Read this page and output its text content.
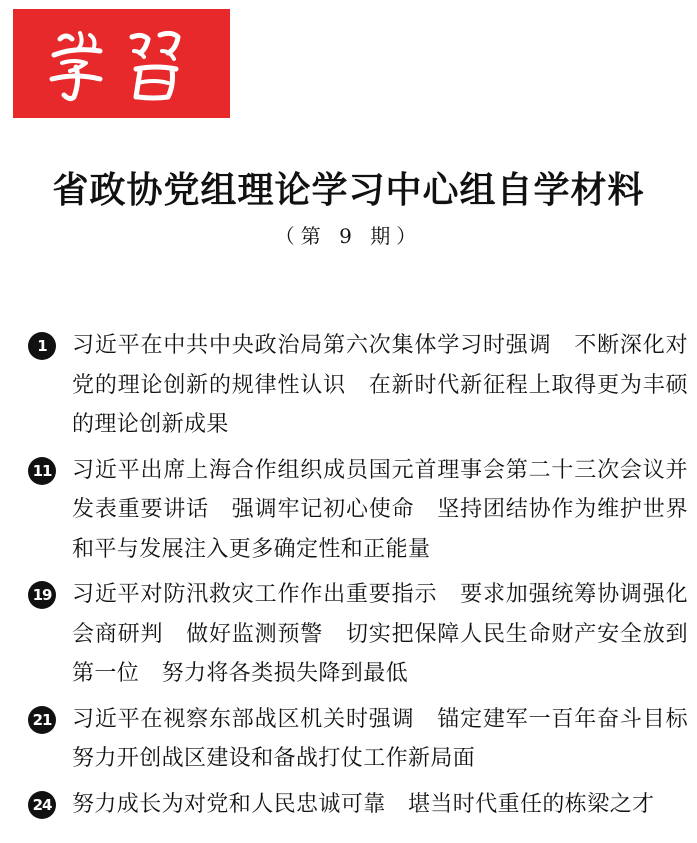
省政协党组理论学习中心组自学材料
（第 9 期）
1	习近平在中共中央政治局第六次集体学习时强调　不断深化对党的理论创新的规律性认识　在新时代新征程上取得更为丰硕的理论创新成果
11 习近平出席上海合作组织成员国元首理事会第二十三次会议并发表重要讲话　强调牢记初心使命　坚持团结协作为维护世界和平与发展注入更多确定性和正能量
19 习近平对防汛救灾工作作出重要指示　要求加强统筹协调强化会商研判　做好监测预警　切实把保障人民生命财产安全放到第一位　努力将各类损失降到最低
21 习近平在视察东部战区机关时强调　锚定建军一百年奋斗目标 努力开创战区建设和备战打仗工作新局面
24 努力成长为对党和人民忠诚可靠　堪当时代重任的栋梁之才
